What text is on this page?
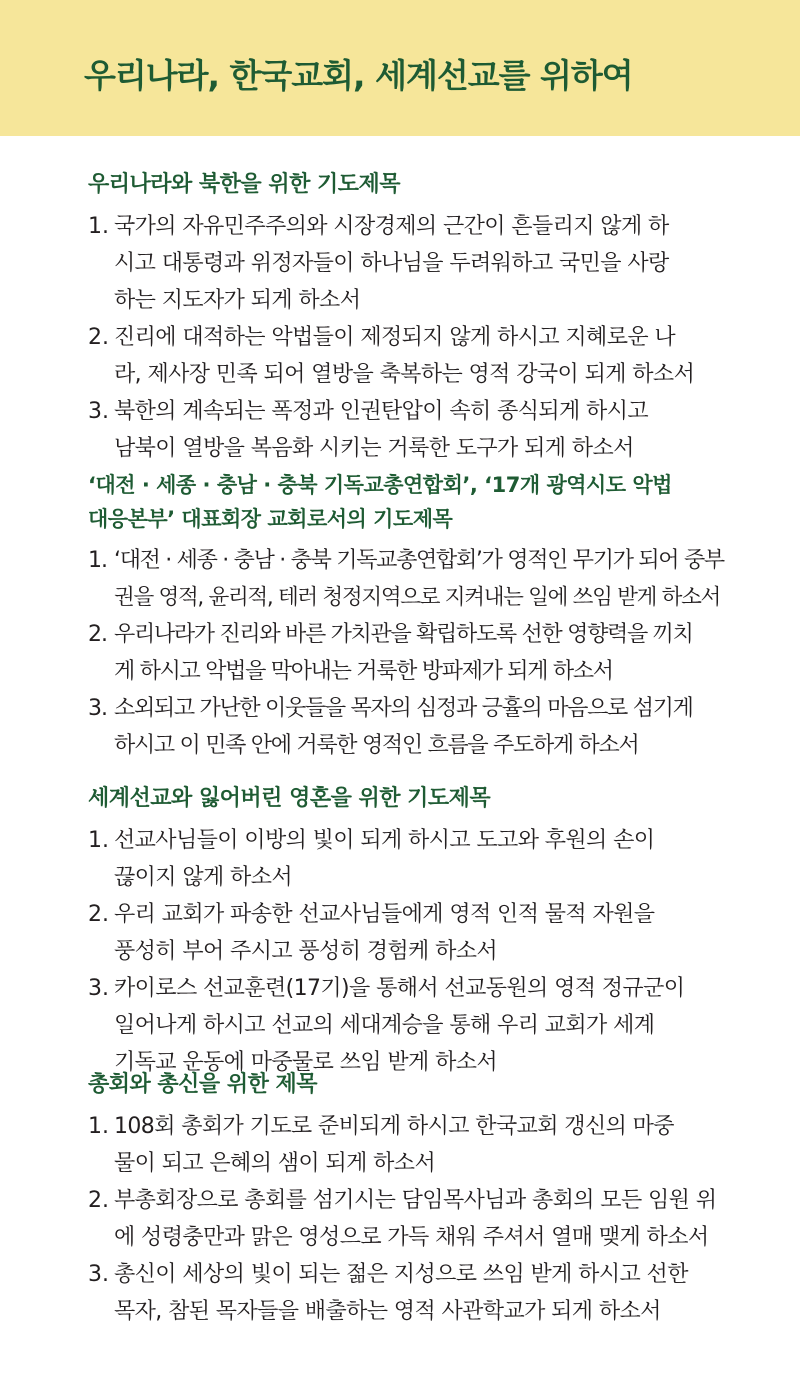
우리나라, 한국교회, 세계선교를 위하여
우리나라와 북한을 위한 기도제목
1. 국가의 자유민주주의와 시장경제의 근간이 흔들리지 않게 하
시고 대통령과 위정자들이 하나님을 두려워하고 국민을 사랑
하는 지도자가 되게 하소서
2. 진리에 대적하는 악법들이 제정되지 않게 하시고 지혜로운 나
라, 제사장 민족 되어 열방을 축복하는 영적 강국이 되게 하소서
3. 북한의 계속되는 폭정과 인권탄압이 속히 종식되게 하시고
남북이 열방을 복음화 시키는 거룩한 도구가 되게 하소서
‘대전 · 세종 · 충남 · 충북 기독교총연합회’, ‘17개 광역시도 악법
대응본부’ 대표회장 교회로서의 기도제목
1. ‘대전 · 세종 · 충남 · 충북 기독교총연합회’가 영적인 무기가 되어 중부
권을 영적, 윤리적, 테러 청정지역으로 지켜내는 일에 쓰임 받게 하소서
2. 우리나라가 진리와 바른 가치관을 확립하도록 선한 영향력을 끼치
게 하시고 악법을 막아내는 거룩한 방파제가 되게 하소서
3. 소외되고 가난한 이웃들을 목자의 심정과 긍휼의 마음으로 섬기게
하시고 이 민족 안에 거룩한 영적인 흐름을 주도하게 하소서
세계선교와 잃어버린 영혼을 위한 기도제목
1. 선교사님들이 이방의 빛이 되게 하시고 도고와 후원의 손이
끊이지 않게 하소서
2. 우리 교회가 파송한 선교사님들에게 영적 인적 물적 자원을
풍성히 부어 주시고 풍성히 경험케 하소서
3. 카이로스 선교훈련(17기)을 통해서 선교동원의 영적 정규군이
일어나게 하시고 선교의 세대계승을 통해 우리 교회가 세계
기독교 운동에 마중물로 쓰임 받게 하소서
총회와 총신을 위한 제목
1. 108회 총회가 기도로 준비되게 하시고 한국교회 갱신의 마중
물이 되고 은혜의 샘이 되게 하소서
2. 부총회장으로 총회를 섬기시는 담임목사님과 총회의 모든 임원 위
에 성령충만과 맑은 영성으로 가득 채워 주셔서 열매 맺게 하소서
3. 총신이 세상의 빛이 되는 젊은 지성으로 쓰임 받게 하시고 선한
목자, 참된 목자들을 배출하는 영적 사관학교가 되게 하소서
